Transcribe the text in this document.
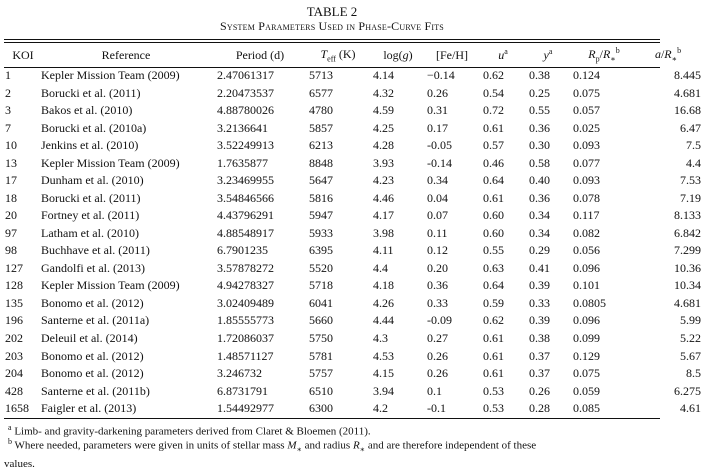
TABLE 2
System Parameters Used in Phase-Curve Fits
KOI	Reference	Period (d)	$T_{eff}$ (K)	log(g)	[Fe/H]	$u^a$	$y^a$	$R_p/R_∗^b$	$a/R_∗^b$
1	Kepler Mission Team (2009)	2.47061317	5713	4.14	−0.14	0.62	0.38	0.124	8.445
2	Borucki et al. (2011)	2.20473537	6577	4.32	0.26	0.54	0.25	0.075	4.681
3	Bakos et al. (2010)	4.88780026	4780	4.59	0.31	0.72	0.55	0.057	16.68
7	Borucki et al. (2010a)	3.2136641	5857	4.25	0.17	0.61	0.36	0.025	6.47
10	Jenkins et al. (2010)	3.52249913	6213	4.28	-0.05	0.57	0.30	0.093	7.5
13	Kepler Mission Team (2009)	1.7635877	8848	3.93	-0.14	0.46	0.58	0.077	4.4
17	Dunham et al. (2010)	3.23469955	5647	4.23	0.34	0.64	0.40	0.093	7.53
18	Borucki et al. (2011)	3.54846566	5816	4.46	0.04	0.61	0.36	0.078	7.19
20	Fortney et al. (2011)	4.43796291	5947	4.17	0.07	0.60	0.34	0.117	8.133
97	Latham et al. (2010)	4.88548917	5933	3.98	0.11	0.60	0.34	0.082	6.842
98	Buchhave et al. (2011)	6.7901235	6395	4.11	0.12	0.55	0.29	0.056	7.299
127	Gandolfi et al. (2013)	3.57878272	5520	4.4	0.20	0.63	0.41	0.096	10.36
128	Kepler Mission Team (2009)	4.94278327	5718	4.18	0.36	0.64	0.39	0.101	10.34
135	Bonomo et al. (2012)	3.02409489	6041	4.26	0.33	0.59	0.33	0.0805	4.681
196	Santerne et al. (2011a)	1.85555773	5660	4.44	-0.09	0.62	0.39	0.096	5.99
202	Deleuil et al. (2014)	1.72086037	5750	4.3	0.27	0.61	0.38	0.099	5.22
203	Bonomo et al. (2012)	1.48571127	5781	4.53	0.26	0.61	0.37	0.129	5.67
204	Bonomo et al. (2012)	3.246732	5757	4.15	0.26	0.61	0.37	0.075	8.5
428	Santerne et al. (2011b)	6.8731791	6510	3.94	0.1	0.53	0.26	0.059	6.275
1658	Faigler et al. (2013)	1.54492977	6300	4.2	-0.1	0.53	0.28	0.085	4.61
$^a$ Limb- and gravity-darkening parameters derived from Claret & Bloemen (2011).
$^b$ Where needed, parameters were given in units of stellar mass $M_∗$ and radius $R_∗$ and are therefore independent of these
values.
